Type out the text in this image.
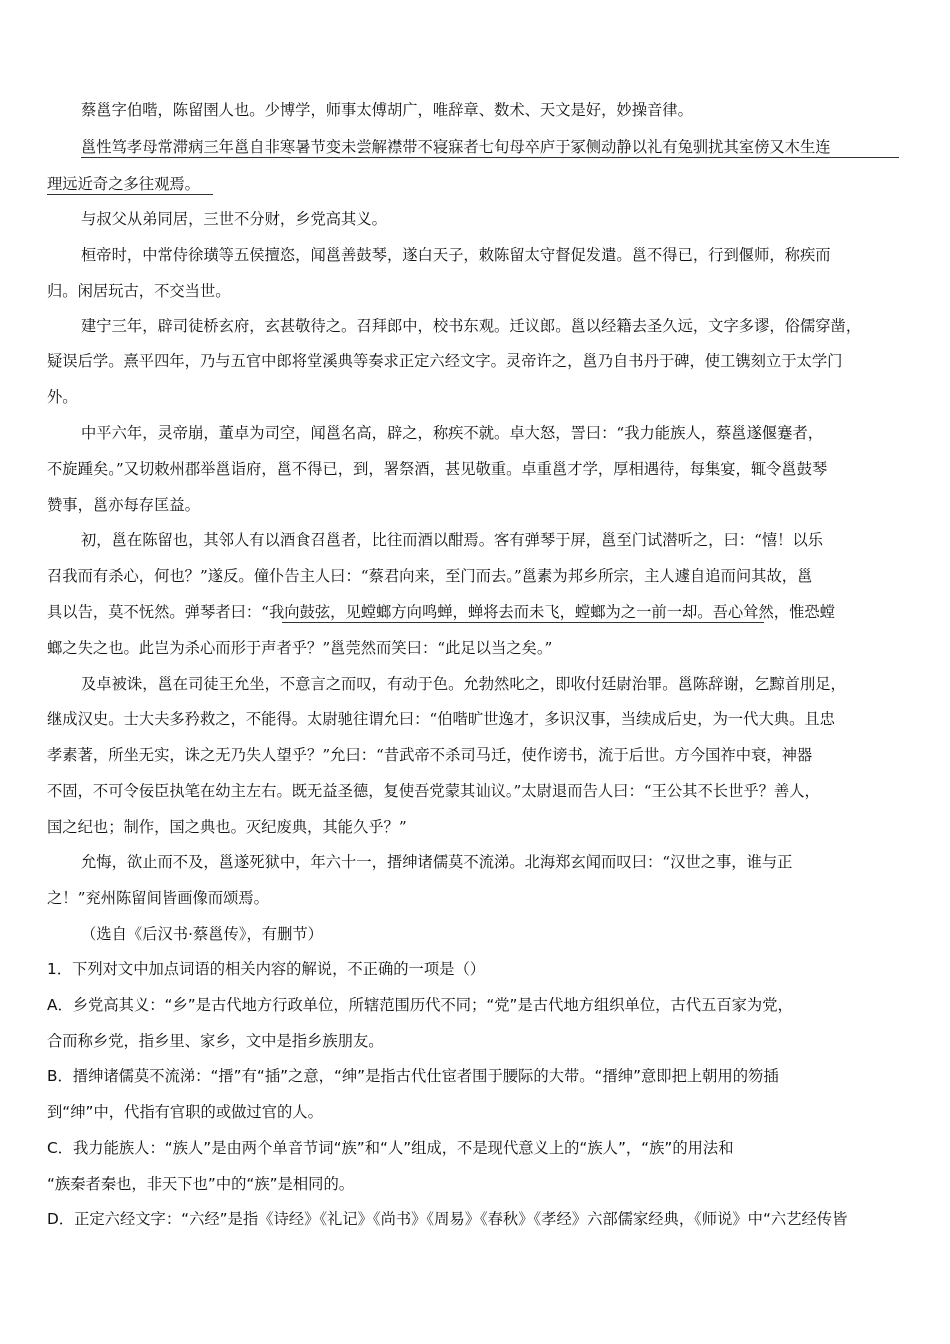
蔡邕字伯喈，陈留圉人也。少博学，师事太傅胡广，唯辞章、数术、天文是好，妙操音律。
邕性笃孝母常滞病三年邕自非寒暑节变未尝解襟带不寝寐者七旬母卒庐于冢侧动静以礼有兔驯扰其室傍又木生连
理远近奇之多往观焉。
与叔父从弟同居，三世不分财，乡党高其义。
桓帝时，中常侍徐璜等五侯擅恣，闻邕善鼓琴，遂白天子，敕陈留太守督促发遣。邕不得已，行到偃师，称疾而
归。闲居玩古，不交当世。
建宁三年，辟司徒桥玄府，玄甚敬待之。召拜郎中，校书东观。迁议郎。邕以经籍去圣久远，文字多谬，俗儒穿凿，
疑误后学。熹平四年，乃与五官中郎将堂溪典等奏求正定六经文字。灵帝许之，邕乃自书丹于碑，使工镌刻立于太学门
外。
中平六年，灵帝崩，董卓为司空，闻邕名高，辟之，称疾不就。卓大怒，詈曰：“我力能族人，蔡邕遂偃蹇者，
不旋踵矣。”又切敕州郡举邕诣府，邕不得已，到，署祭酒，甚见敬重。卓重邕才学，厚相遇待，每集宴，辄令邕鼓琴
赞事，邕亦每存匡益。
初，邕在陈留也，其邻人有以酒食召邕者，比往而酒以酣焉。客有弹琴于屏，邕至门试潜听之，曰：“憘！以乐
召我而有杀心，何也？”遂反。僮仆告主人曰：“蔡君向来，至门而去。”邕素为邦乡所宗，主人遽自追而问其故，邕
具以告，莫不怃然。弹琴者曰：“我向鼓弦，见螳螂方向鸣蝉，蝉将去而未飞，螳螂为之一前一却。吾心耸然，惟恐螳
螂之失之也。此岂为杀心而形于声者乎？”邕莞然而笑曰：“此足以当之矣。”
及卓被诛，邕在司徒王允坐，不意言之而叹，有动于色。允勃然叱之，即收付廷尉治罪。邕陈辞谢，乞黥首刖足，
继成汉史。士大夫多矜救之，不能得。太尉驰往谓允曰：“伯喈旷世逸才，多识汉事，当续成后史，为一代大典。且忠
孝素著，所坐无实，诛之无乃失人望乎？”允曰：“昔武帝不杀司马迁，使作谤书，流于后世。方今国祚中衰，神器
不固，不可令佞臣执笔在幼主左右。既无益圣德，复使吾党蒙其讪议。”太尉退而告人曰：“王公其不长世乎？善人，
国之纪也；制作，国之典也。灭纪废典，其能久乎？”
允悔，欲止而不及，邕遂死狱中，年六十一，搢绅诸儒莫不流涕。北海郑玄闻而叹曰：“汉世之事，谁与正
之！”兖州陈留间皆画像而颂焉。
（选自《后汉书·蔡邕传》，有删节）
1．下列对文中加点词语的相关内容的解说，不正确的一项是（）
A．乡党高其义：“乡”是古代地方行政单位，所辖范围历代不同；“党”是古代地方组织单位，古代五百家为党，
合而称乡党，指乡里、家乡，文中是指乡族朋友。
B．搢绅诸儒莫不流涕：“搢”有“插”之意，“绅”是指古代仕宦者围于腰际的大带。“搢绅”意即把上朝用的笏插
到“绅”中，代指有官职的或做过官的人。
C．我力能族人：“族人”是由两个单音节词“族”和“人”组成，不是现代意义上的“族人”，“族”的用法和
“族秦者秦也，非天下也”中的“族”是相同的。
D．正定六经文字：“六经”是指《诗经》《礼记》《尚书》《周易》《春秋》《孝经》六部儒家经典，《师说》中“六艺经传皆
